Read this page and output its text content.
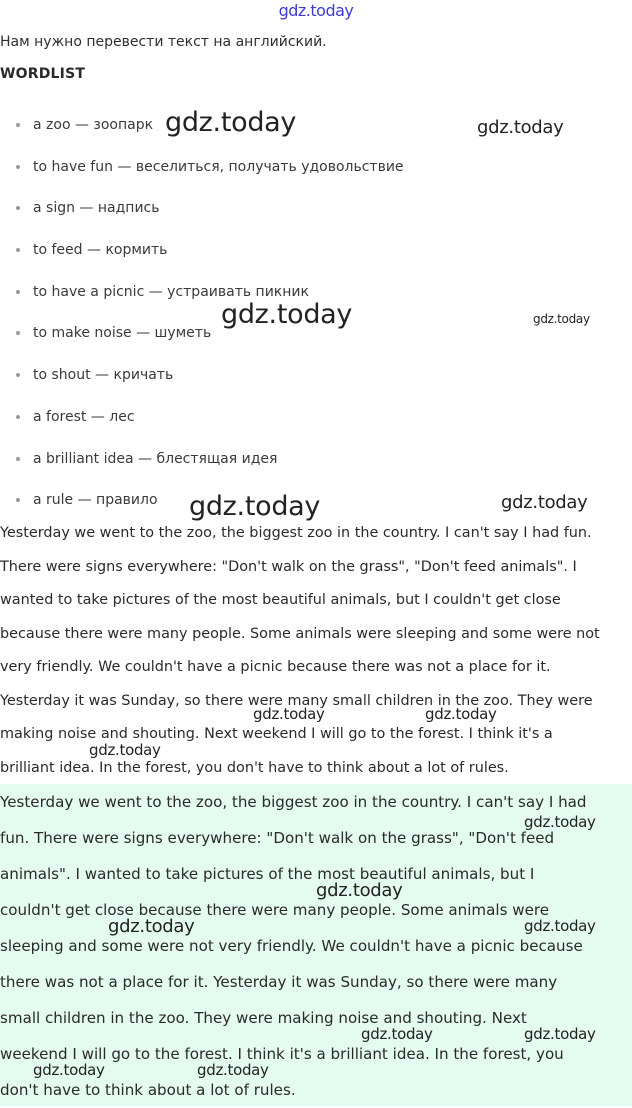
gdz.today
Нам нужно перевести текст на английский.
WORDLIST
a zoo — зоопарк
to have fun — веселиться, получать удовольствие
a sign — надпись
to feed — кормить
to have a picnic — устраивать пикник
to make noise — шуметь
to shout — кричать
a forest — лес
a brilliant idea — блестящая идея
a rule — правило
Yesterday we went to the zoo, the biggest zoo in the country. I can't say I had fun.
There were signs everywhere: "Don't walk on the grass", "Don't feed animals". I
wanted to take pictures of the most beautiful animals, but I couldn't get close
because there were many people. Some animals were sleeping and some were not
very friendly. We couldn't have a picnic because there was not a place for it.
Yesterday it was Sunday, so there were many small children in the zoo. They were
making noise and shouting. Next weekend I will go to the forest. I think it's a
brilliant idea. In the forest, you don't have to think about a lot of rules.
Yesterday we went to the zoo, the biggest zoo in the country. I can't say I had
fun. There were signs everywhere: "Don't walk on the grass", "Don't feed
animals". I wanted to take pictures of the most beautiful animals, but I
couldn't get close because there were many people. Some animals were
sleeping and some were not very friendly. We couldn't have a picnic because
there was not a place for it. Yesterday it was Sunday, so there were many
small children in the zoo. They were making noise and shouting. Next
weekend I will go to the forest. I think it's a brilliant idea. In the forest, you
don't have to think about a lot of rules.
gdz.today	gdz.today
gdz.today	gdz.today
gdz.today	gdz.today
gdz.today	gdz.today
gdz.today
gdz.today
gdz.today
gdz.today	gdz.today
gdz.today	gdz.today
gdz.today	gdz.today
